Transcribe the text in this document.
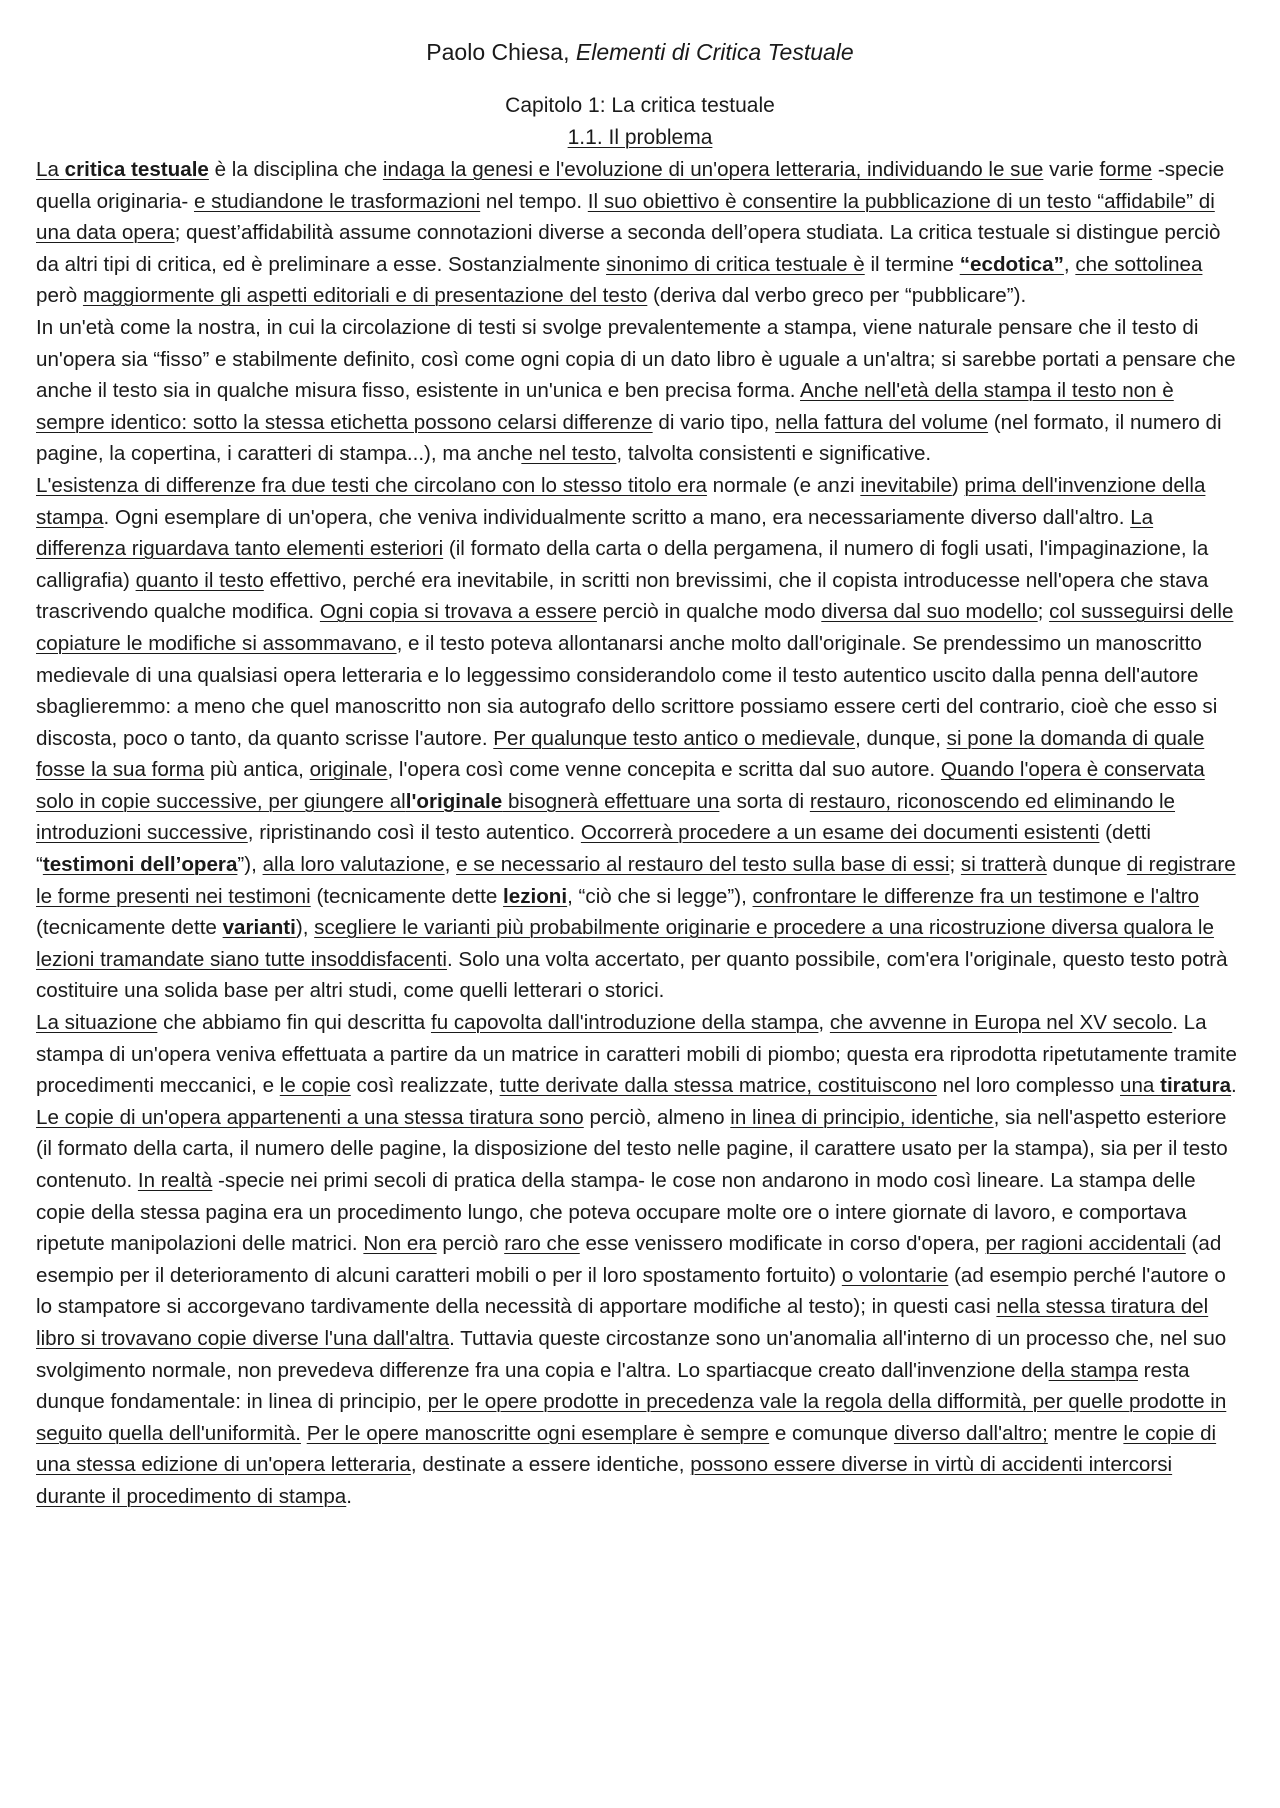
Paolo Chiesa, Elementi di Critica Testuale

Capitolo 1: La critica testuale

1.1. Il problema

La critica testuale è la disciplina che indaga la genesi e l'evoluzione di un'opera letteraria, individuando le sue varie forme -specie quella originaria- e studiandone le trasformazioni nel tempo. Il suo obiettivo è consentire la pubblicazione di un testo “affidabile” di una data opera; quest’affidabilità assume connotazioni diverse a seconda dell’opera studiata. La critica testuale si distingue perciò da altri tipi di critica, ed è preliminare a esse. Sostanzialmente sinonimo di critica testuale è il termine “ecdotica”, che sottolinea però maggiormente gli aspetti editoriali e di presentazione del testo (deriva dal verbo greco per “pubblicare”).

In un'età come la nostra, in cui la circolazione di testi si svolge prevalentemente a stampa, viene naturale pensare che il testo di un'opera sia “fisso” e stabilmente definito, così come ogni copia di un dato libro è uguale a un'altra; si sarebbe portati a pensare che anche il testo sia in qualche misura fisso, esistente in un'unica e ben precisa forma. Anche nell'età della stampa il testo non è sempre identico: sotto la stessa etichetta possono celarsi differenze di vario tipo, nella fattura del volume (nel formato, il numero di pagine, la copertina, i caratteri di stampa...), ma anche nel testo, talvolta consistenti e significative.

L'esistenza di differenze fra due testi che circolano con lo stesso titolo era normale (e anzi inevitabile) prima dell'invenzione della stampa. Ogni esemplare di un'opera, che veniva individualmente scritto a mano, era necessariamente diverso dall'altro. La differenza riguardava tanto elementi esteriori (il formato della carta o della pergamena, il numero di fogli usati, l'impaginazione, la calligrafia) quanto il testo effettivo, perché era inevitabile, in scritti non brevissimi, che il copista introducesse nell'opera che stava trascrivendo qualche modifica. Ogni copia si trovava a essere perciò in qualche modo diversa dal suo modello; col susseguirsi delle copiature le modifiche si assommavano, e il testo poteva allontanarsi anche molto dall'originale. Se prendessimo un manoscritto medievale di una qualsiasi opera letteraria e lo leggessimo considerandolo come il testo autentico uscito dalla penna dell'autore sbaglieremmo: a meno che quel manoscritto non sia autografo dello scrittore possiamo essere certi del contrario, cioè che esso si discosta, poco o tanto, da quanto scrisse l'autore. Per qualunque testo antico o medievale, dunque, si pone la domanda di quale fosse la sua forma più antica, originale, l'opera così come venne concepita e scritta dal suo autore. Quando l'opera è conservata solo in copie successive, per giungere all'originale bisognerà effettuare una sorta di restauro, riconoscendo ed eliminando le introduzioni successive, ripristinando così il testo autentico. Occorrerà procedere a un esame dei documenti esistenti (detti “testimoni dell’opera”), alla loro valutazione, e se necessario al restauro del testo sulla base di essi; si tratterà dunque di registrare le forme presenti nei testimoni (tecnicamente dette lezioni, “ciò che si legge”), confrontare le differenze fra un testimone e l'altro (tecnicamente dette varianti), scegliere le varianti più probabilmente originarie e procedere a una ricostruzione diversa qualora le lezioni tramandate siano tutte insoddisfacenti. Solo una volta accertato, per quanto possibile, com'era l'originale, questo testo potrà costituire una solida base per altri studi, come quelli letterari o storici.

La situazione che abbiamo fin qui descritta fu capovolta dall'introduzione della stampa, che avvenne in Europa nel XV secolo. La stampa di un'opera veniva effettuata a partire da un matrice in caratteri mobili di piombo; questa era riprodotta ripetutamente tramite procedimenti meccanici, e le copie così realizzate, tutte derivate dalla stessa matrice, costituiscono nel loro complesso una tiratura. Le copie di un'opera appartenenti a una stessa tiratura sono perciò, almeno in linea di principio, identiche, sia nell'aspetto esteriore (il formato della carta, il numero delle pagine, la disposizione del testo nelle pagine, il carattere usato per la stampa), sia per il testo contenuto. In realtà -specie nei primi secoli di pratica della stampa- le cose non andarono in modo così lineare. La stampa delle copie della stessa pagina era un procedimento lungo, che poteva occupare molte ore o intere giornate di lavoro, e comportava ripetute manipolazioni delle matrici. Non era perciò raro che esse venissero modificate in corso d'opera, per ragioni accidentali (ad esempio per il deterioramento di alcuni caratteri mobili o per il loro spostamento fortuito) o volontarie (ad esempio perché l'autore o lo stampatore si accorgevano tardivamente della necessità di apportare modifiche al testo); in questi casi nella stessa tiratura del libro si trovavano copie diverse l'una dall'altra. Tuttavia queste circostanze sono un'anomalia all'interno di un processo che, nel suo svolgimento normale, non prevedeva differenze fra una copia e l'altra. Lo spartiacque creato dall'invenzione della stampa resta dunque fondamentale: in linea di principio, per le opere prodotte in precedenza vale la regola della difformità, per quelle prodotte in seguito quella dell'uniformità. Per le opere manoscritte ogni esemplare è sempre e comunque diverso dall'altro; mentre le copie di una stessa edizione di un'opera letteraria, destinate a essere identiche, possono essere diverse in virtù di accidenti intercorsi durante il procedimento di stampa.
